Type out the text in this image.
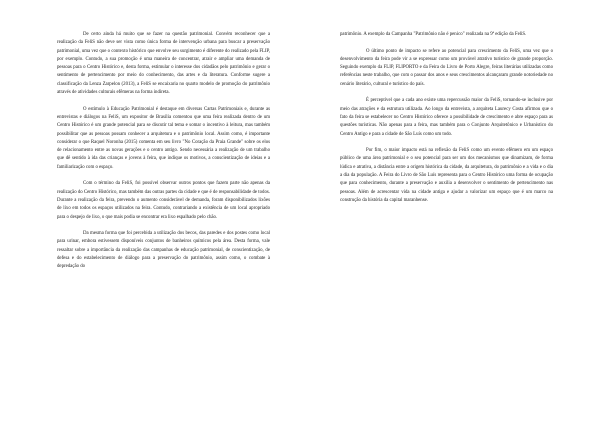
De certo ainda há muito que se fazer na questão patrimonial. Convém reconhecer que a realização da FeliS não deve ser vista como única forma de intervenção urbana para buscar a preservação patrimonial, uma vez que o contexto histórico que envolve seu surgimento é diferente do realizado pela FLIP, por exemplo. Contudo, a sua promoção é uma maneira de concentrar, atrair e ampliar uma demanda de pessoas para o Centro Histórico e, desta forma, estimular o interesse dos cidadãos pelo patrimônio e gerar o sentimento de pertencimento por meio do conhecimento, das artes e da literatura. Conforme sugere a classificação da Lenza Zarpelon (2013), a FeliS se encaixaria no quarto modelo de promoção do patrimônio através de atividades culturais efêmeras na forma indireta.

O estímulo à Educação Patrimonial é destaque em diversas Cartas Patrimoniais e, durante as entrevistas e diálogos na FeliS, um expositor de Brasília comentou que uma feira realizada dentro de um Centro Histórico é um grande potencial para se discutir tal tema e somar o incentivo à leitura, mas também possibilitar que as pessoas possam conhecer a arquitetura e o patrimônio local. Assim como, é importante considerar o que Raquel Noronha (2015) comenta em seu livro "No Coração da Praia Grande" sobre os elos de relacionamento entre as novas gerações e o centro antigo. Sendo necessária a realização de um trabalho que dê sentido à ida das crianças e jovens à feira, que indique os motivos, a conscientização de ideias e a familiarização com o espaço.

Com o término da FeliS, foi possível observar outros pontos que fazem parte não apenas da realização do Centro Histórico, mas também das outras partes da cidade e que é de responsabilidade de todos. Durante a realização da feira, prevendo o aumento considerável de demanda, foram disponibilizados lixões de lixo em todos os espaços utilizados na feira. Contudo, contrariando a existência de um local apropriado para o despejo de lixo, o que mais podia se encontrar era lixo espalhado pelo chão.

Da mesma forma que foi percebida a utilização dos becos, das paredes e dos postes como local para urinar, embora estivessem disponíveis conjuntos de banheiros químicos pela área. Desta forma, vale ressaltar sobre a importância da realização das campanhas de educação patrimonial, de conscientização, de defesa e do estabelecimento de diálogo para a preservação do patrimônio, assim como, o combate à depredação do

patrimônio. A exemplo da Campanha "Patrimônio não é penico" realizada na 9ª edição da FeliS.

O último ponto de impacto se refere ao potencial para crescimento da FeliS, uma vez que o desenvolvimento da feira pode vir a se expressar como um provável atrativo turístico de grande proporção. Seguindo exemplo da FLIP, FLIPORTO e da Feira do Livro de Porto Alegre, feiras literárias utilizadas como referências neste trabalho, que com o passar dos anos e seus crescimentos alcançaram grande notoriedade no cenário literário, cultural e turístico do país.

É perceptível que a cada ano existe uma repercussão maior da FeliS, tornando-se inclusive por meio das atrações e da estrutura utilizada. Ao longo da entrevista, a arquiteta Laurecy Costa afirmou que o fato da feira se estabelecer no Centro Histórico oferece a possibilidade de crescimento e abre espaço para as questões turísticas. Não apenas para a feira, mas também para o Conjunto Arquitetônico e Urbanístico do Centro Antigo e para a cidade de São Luís como um todo.

Por fim, o maior impacto está na reflexão da FeliS como um evento efêmero em um espaço público de uma área patrimonial e o seu potencial para ser um dos mecanismos que dinamizam, de forma lúdica e atrativa, a distância entre a origem histórica da cidade, da arquitetura, do patrimônio e a vida e o dia a dia da população. A Feira do Livro de São Luís representa para o Centro Histórico uma forma de ocupação que para conhecimento, durante a preservação e auxilia a desenvolver o sentimento de pertencimento nas pessoas. Além de acrescentar vida na cidade antiga e ajudar a valorizar um espaço que é um marco na construção da história da capital maranhense.
